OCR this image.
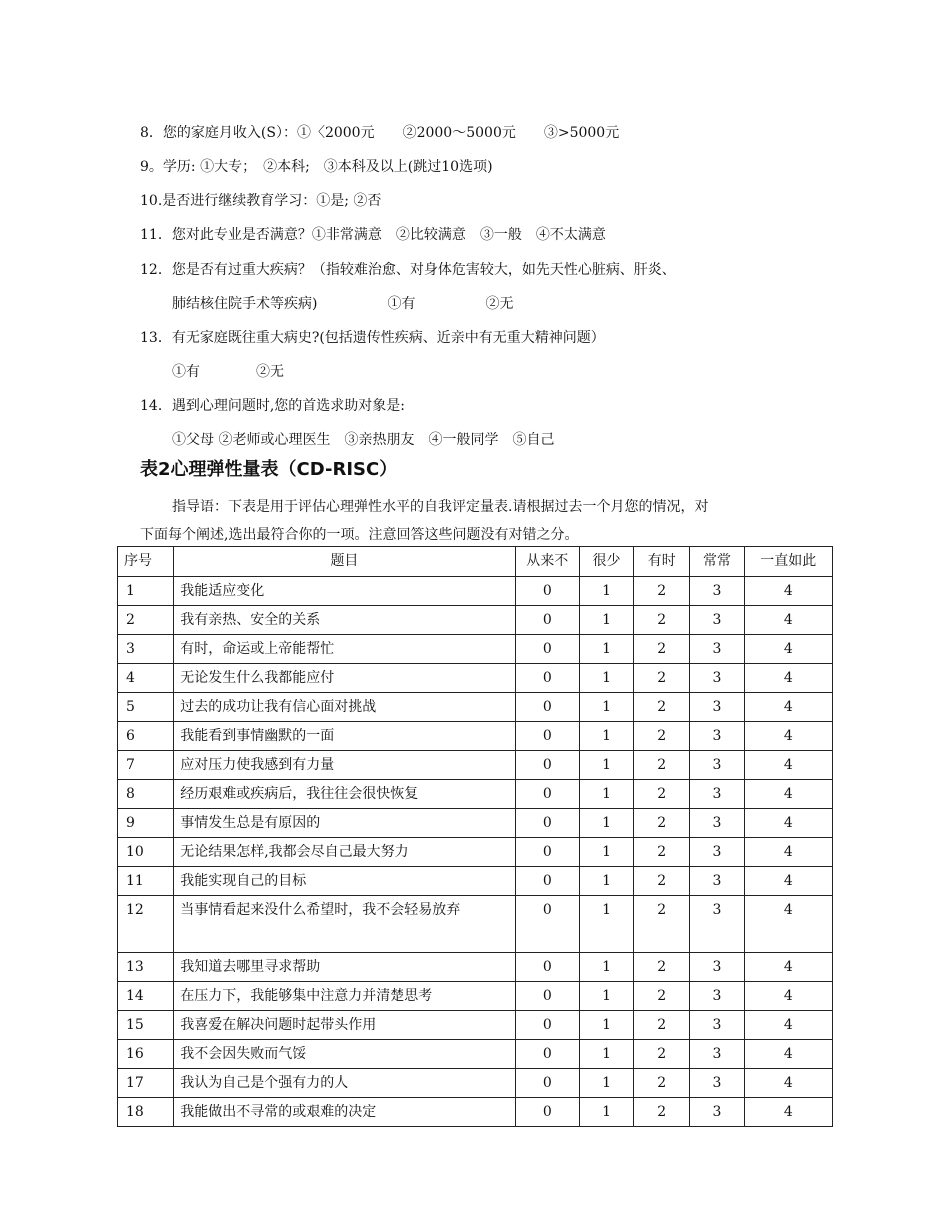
8．您的家庭月收入(S）：①〈2000元　　②2000～5000元　　③>5000元
9。学历: ①大专；　②本科;　③本科及以上(跳过10选项)
10.是否进行继续教育学习：①是; ②否
11．您对此专业是否满意？①非常满意　②比较满意　③一般　④不太满意
12．您是否有过重大疾病？（指较难治愈、对身体危害较大，如先天性心脏病、肝炎、
肺结核住院手术等疾病)　　　　　①有　　　　　②无
13．有无家庭既往重大病史?(包括遗传性疾病、近亲中有无重大精神问题）
①有　　　　②无
14．遇到心理问题时,您的首选求助对象是:
①父母 ②老师或心理医生　③亲热朋友　④一般同学　⑤自己
表2心理弹性量表（CD-RISC）
指导语：下表是用于评估心理弹性水平的自我评定量表.请根据过去一个月您的情况，对
下面每个阐述,选出最符合你的一项。注意回答这些问题没有对错之分。
序号	题目	从来不	很少	有时	常常	一直如此
1	我能适应变化	0	1	2	3	4
2	我有亲热、安全的关系	0	1	2	3	4
3	有时，命运或上帝能帮忙	0	1	2	3	4
4	无论发生什么我都能应付	0	1	2	3	4
5	过去的成功让我有信心面对挑战	0	1	2	3	4
6	我能看到事情幽默的一面	0	1	2	3	4
7	应对压力使我感到有力量	0	1	2	3	4
8	经历艰难或疾病后，我往往会很快恢复	0	1	2	3	4
9	事情发生总是有原因的	0	1	2	3	4
10	无论结果怎样,我都会尽自己最大努力	0	1	2	3	4
11	我能实现自己的目标	0	1	2	3	4
12	当事情看起来没什么希望时，我不会轻易放弃	0	1	2	3	4
13	我知道去哪里寻求帮助	0	1	2	3	4
14	在压力下，我能够集中注意力并清楚思考	0	1	2	3	4
15	我喜爱在解决问题时起带头作用	0	1	2	3	4
16	我不会因失败而气馁	0	1	2	3	4
17	我认为自己是个强有力的人	0	1	2	3	4
18	我能做出不寻常的或艰难的决定	0	1	2	3	4
